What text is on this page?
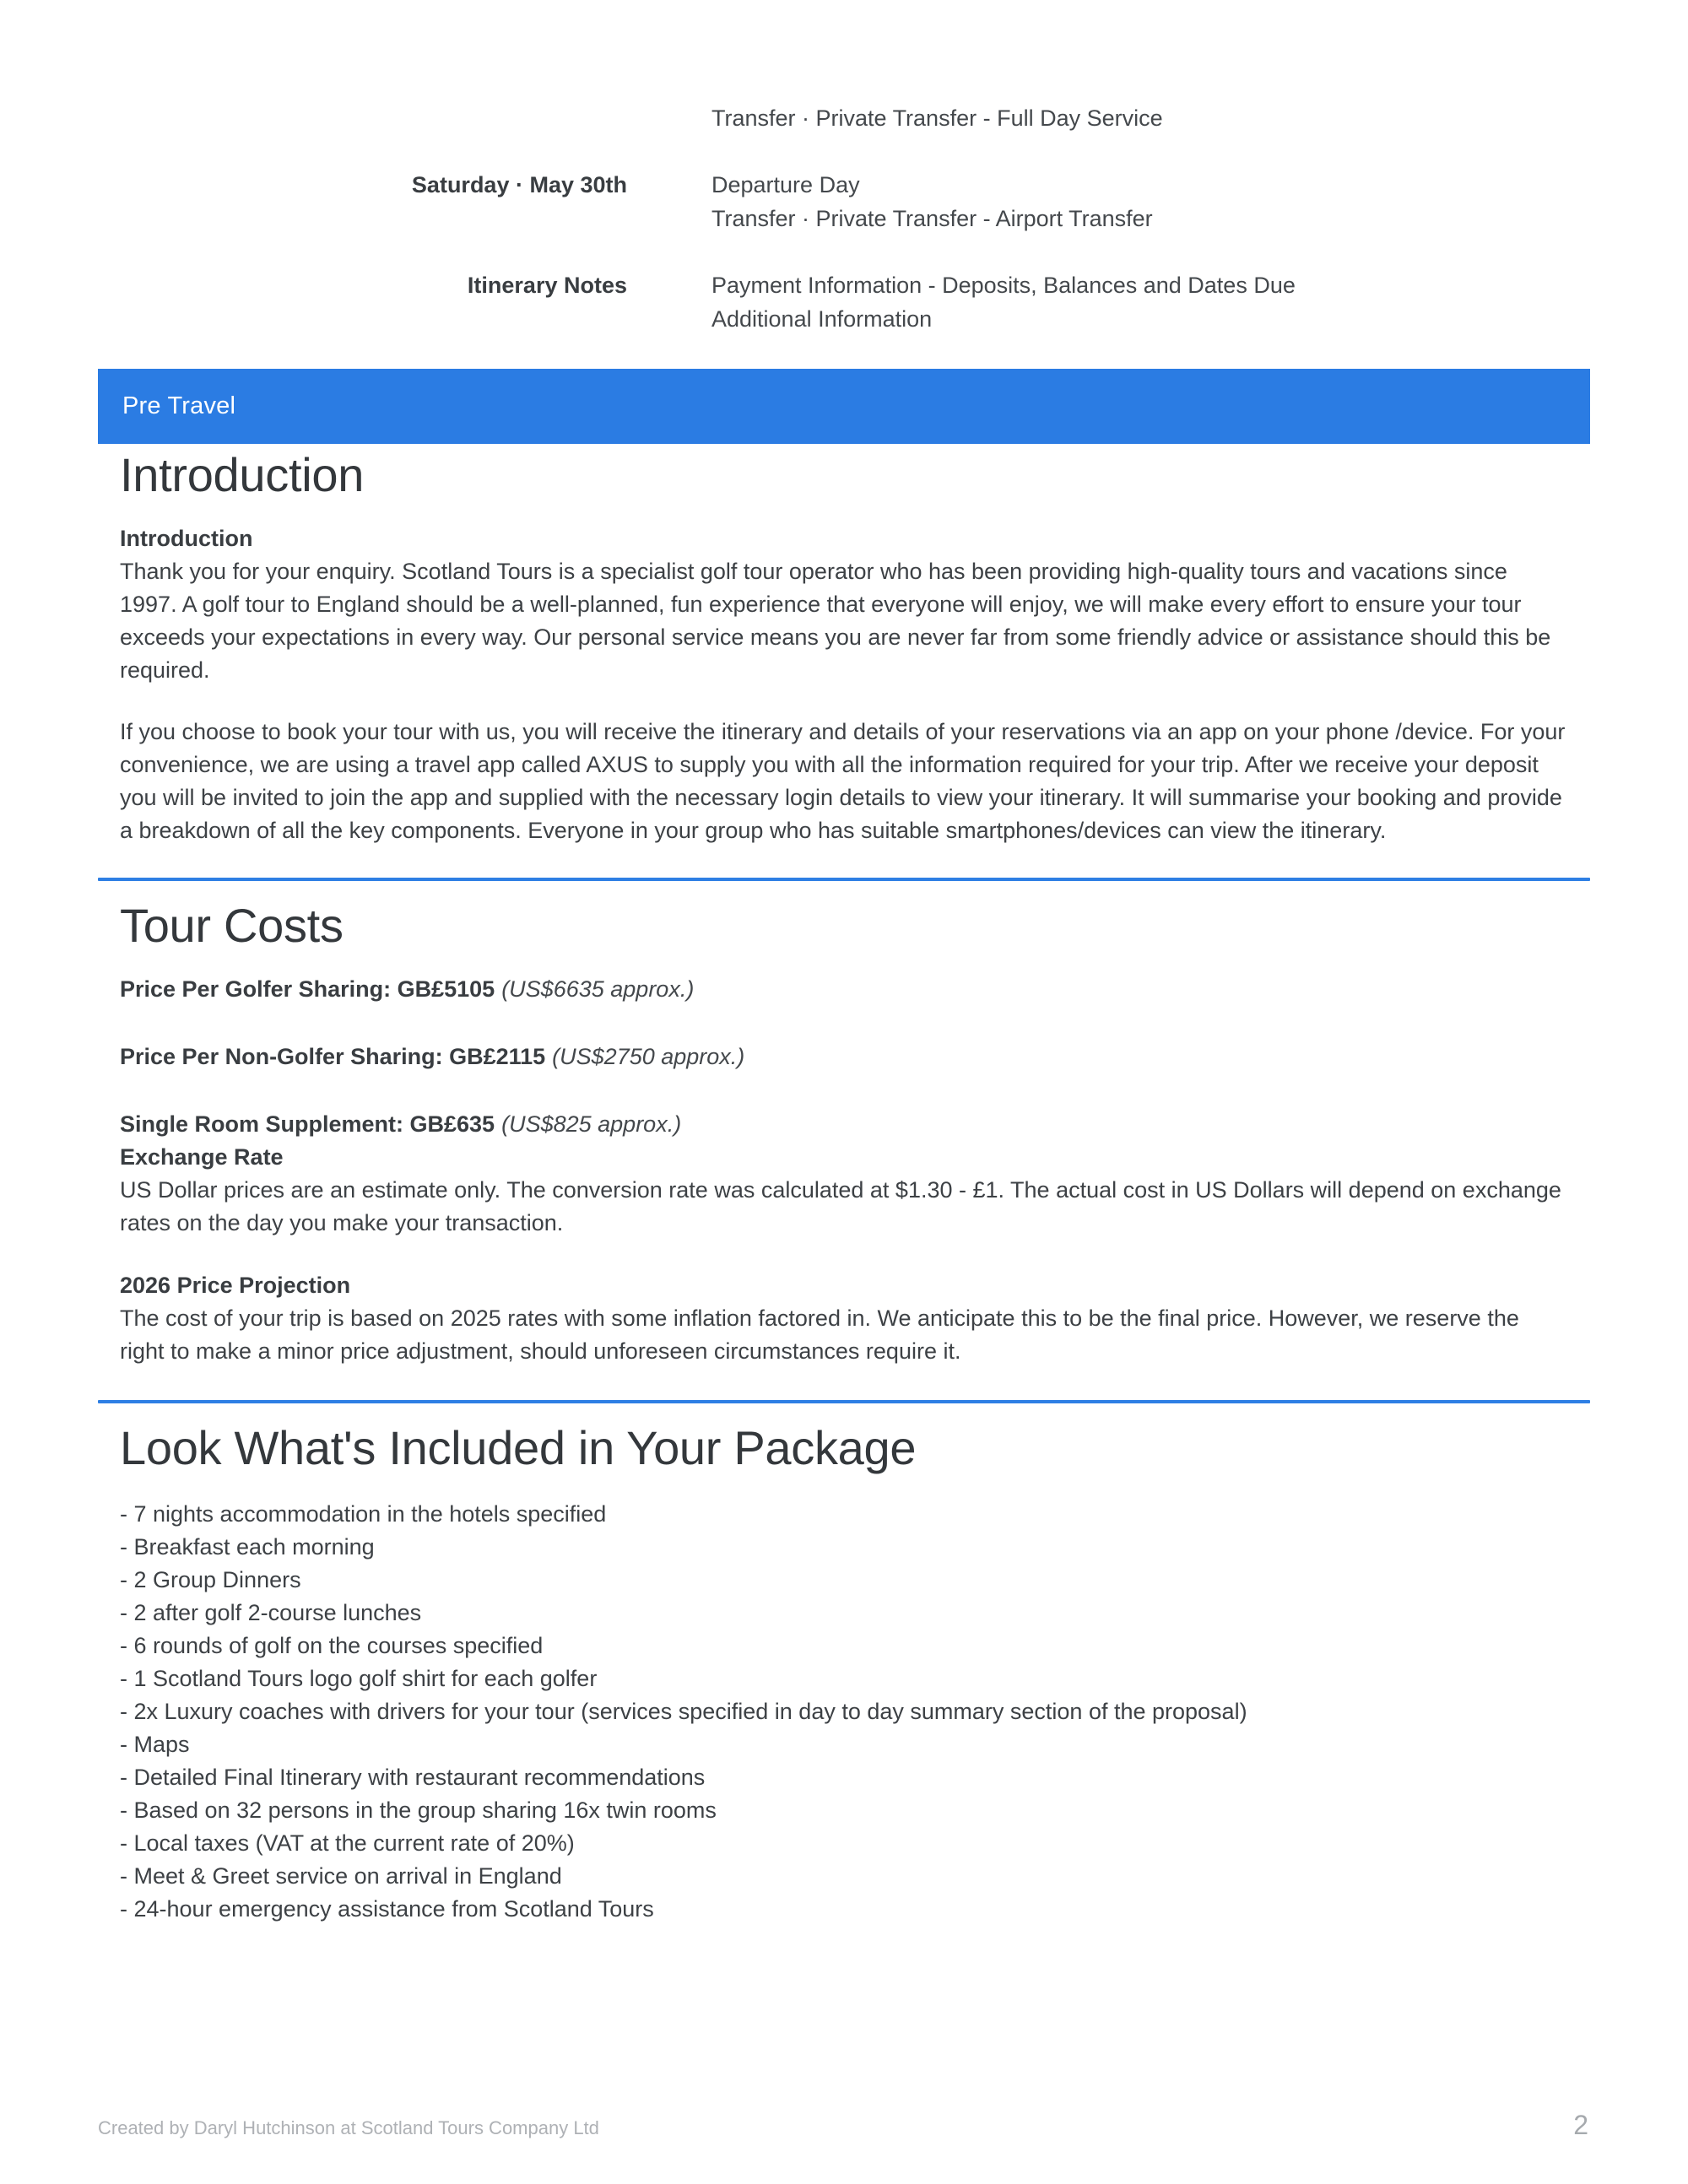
Transfer · Private Transfer - Full Day Service
Saturday · May 30th	Departure Day
Transfer · Private Transfer - Airport Transfer
Itinerary Notes	Payment Information - Deposits, Balances and Dates Due
Additional Information
Pre Travel
Introduction

Introduction

Thank you for your enquiry. Scotland Tours is a specialist golf tour operator who has been providing high-quality tours and vacations since 1997. A golf tour to England should be a well-planned, fun experience that everyone will enjoy, we will make every effort to ensure your tour exceeds your expectations in every way. Our personal service means you are never far from some friendly advice or assistance should this be required.

If you choose to book your tour with us, you will receive the itinerary and details of your reservations via an app on your phone /device. For your convenience, we are using a travel app called AXUS to supply you with all the information required for your trip. After we receive your deposit you will be invited to join the app and supplied with the necessary login details to view your itinerary. It will summarise your booking and provide a breakdown of all the key components. Everyone in your group who has suitable smartphones/devices can view the itinerary.

Tour Costs

Price Per Golfer Sharing: GB£5105 (US$6635 approx.)

Price Per Non-Golfer Sharing: GB£2115 (US$2750 approx.)

Single Room Supplement: GB£635 (US$825 approx.)

Exchange Rate

US Dollar prices are an estimate only. The conversion rate was calculated at $1.30 - £1. The actual cost in US Dollars will depend on exchange rates on the day you make your transaction.

2026 Price Projection

The cost of your trip is based on 2025 rates with some inflation factored in. We anticipate this to be the final price. However, we reserve the right to make a minor price adjustment, should unforeseen circumstances require it.

Look What's Included in Your Package
- 7 nights accommodation in the hotels specified
- Breakfast each morning
- 2 Group Dinners
- 2 after golf 2-course lunches
- 6 rounds of golf on the courses specified
- 1 Scotland Tours logo golf shirt for each golfer
- 2x Luxury coaches with drivers for your tour (services specified in day to day summary section of the proposal)
- Maps
- Detailed Final Itinerary with restaurant recommendations
- Based on 32 persons in the group sharing 16x twin rooms
- Local taxes (VAT at the current rate of 20%)
- Meet & Greet service on arrival in England
- 24-hour emergency assistance from Scotland Tours
Created by Daryl Hutchinson at Scotland Tours Company Ltd	2
